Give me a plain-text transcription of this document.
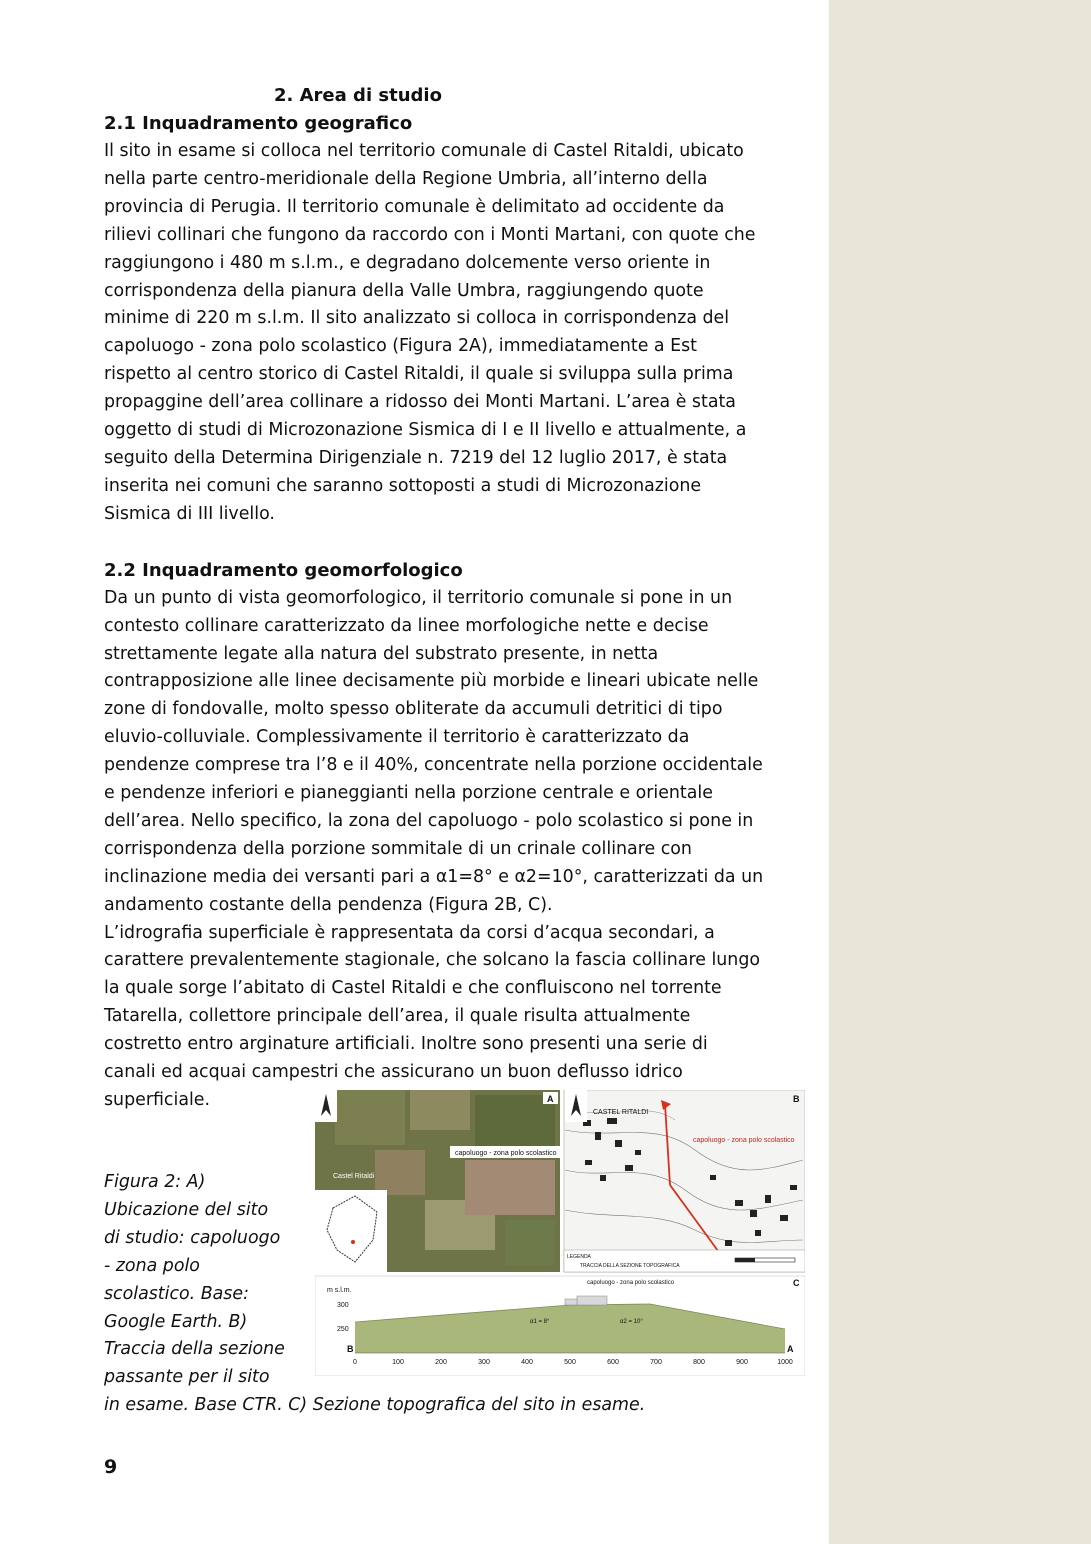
2. Area di studio

2.1 Inquadramento geografico

Il sito in esame si colloca nel territorio comunale di Castel Ritaldi, ubicato

nella parte centro-meridionale della Regione Umbria, all’interno della

provincia di Perugia. Il territorio comunale è delimitato ad occidente da

rilievi collinari che fungono da raccordo con i Monti Martani, con quote che

raggiungono i 480 m s.l.m., e degradano dolcemente verso oriente in

corrispondenza della pianura della Valle Umbra, raggiungendo quote

minime di 220 m s.l.m. Il sito analizzato si colloca in corrispondenza del

capoluogo - zona polo scolastico (Figura 2A), immediatamente a Est

rispetto al centro storico di Castel Ritaldi, il quale si sviluppa sulla prima

propaggine dell’area collinare a ridosso dei Monti Martani. L’area è stata

oggetto di studi di Microzonazione Sismica di I e II livello e attualmente, a

seguito della Determina Dirigenziale n. 7219 del 12 luglio 2017, è stata

inserita nei comuni che saranno sottoposti a studi di Microzonazione

Sismica di III livello.

2.2 Inquadramento geomorfologico

Da un punto di vista geomorfologico, il territorio comunale si pone in un

contesto collinare caratterizzato da linee morfologiche nette e decise

strettamente legate alla natura del substrato presente, in netta

contrapposizione alle linee decisamente più morbide e lineari ubicate nelle

zone di fondovalle, molto spesso obliterate da accumuli detritici di tipo

eluvio-colluviale. Complessivamente il territorio è caratterizzato da

pendenze comprese tra l’8 e il 40%, concentrate nella porzione occidentale

e pendenze inferiori e pianeggianti nella porzione centrale e orientale

dell’area. Nello specifico, la zona del capoluogo - polo scolastico si pone in

corrispondenza della porzione sommitale di un crinale collinare con

inclinazione media dei versanti pari a α1=8° e α2=10°, caratterizzati da un

andamento costante della pendenza (Figura 2B, C).

L’idrografia superficiale è rappresentata da corsi d’acqua secondari, a

carattere prevalentemente stagionale, che solcano la fascia collinare lungo

la quale sorge l’abitato di Castel Ritaldi e che confluiscono nel torrente

Tatarella, collettore principale dell’area, il quale risulta attualmente

costretto entro arginature artificiali. Inoltre sono presenti una serie di

canali ed acquai campestri che assicurano un buon deflusso idrico

superficiale.

capoluogo - zona polo scolastico
Castel Ritaldi
A
CASTEL RITALDI
capoluogo - zona polo scolastico
LEGENDA
TRACCIA DELLA SEZIONE TOPOGRAFICA
B
C
m s.l.m.
300
250
capoluogo - zona polo scolastico
α1 = 8°	α2 = 10°
B	A
0	100	200	300	400	500	600	700	800	900	1000
Figura 2: A)
Ubicazione del sito
di studio: capoluogo
- zona polo
scolastico. Base:
Google Earth. B)
Traccia della sezione
passante per il sito
in esame. Base CTR. C) Sezione topografica del sito in esame.
9
